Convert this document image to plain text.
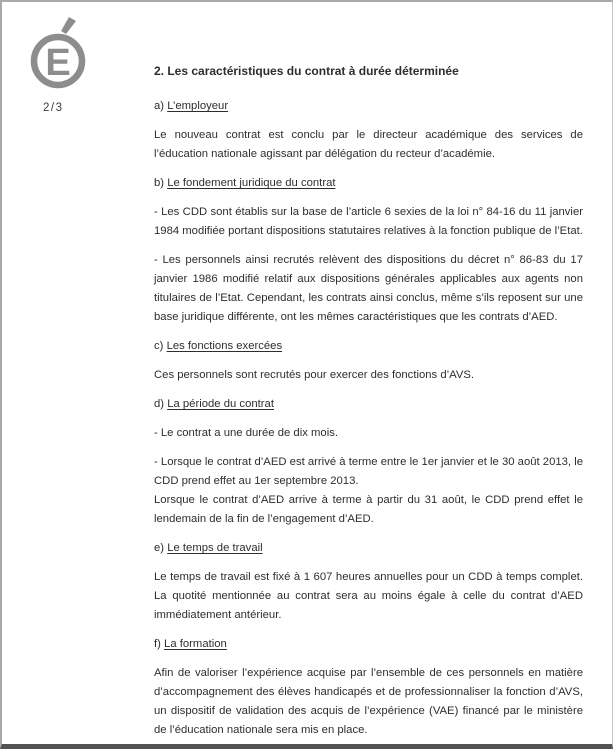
E
2/3
2. Les caractéristiques du contrat à durée déterminée

a) L’employeur

Le nouveau contrat est conclu par le directeur académique des services de l’éducation nationale agissant par délégation du recteur d’académie.

b) Le fondement juridique du contrat

- Les CDD sont établis sur la base de l’article 6 sexies de la loi n° 84-16 du 11 janvier 1984 modifiée portant dispositions statutaires relatives à la fonction publique de l’Etat.

- Les personnels ainsi recrutés relèvent des dispositions du décret n° 86-83 du 17 janvier 1986 modifié relatif aux dispositions générales applicables aux agents non titulaires de l’Etat. Cependant, les contrats ainsi conclus, même s’ils reposent sur une base juridique différente, ont les mêmes caractéristiques que les contrats d’AED.

c) Les fonctions exercées

Ces personnels sont recrutés pour exercer des fonctions d’AVS.

d) La période du contrat

- Le contrat a une durée de dix mois.

- Lorsque le contrat d’AED est arrivé à terme entre le 1er janvier et le 30 août 2013, le CDD prend effet au 1er septembre 2013.

Lorsque le contrat d’AED arrive à terme à partir du 31 août, le CDD prend effet le lendemain de la fin de l’engagement d’AED.

e) Le temps de travail

Le temps de travail est fixé à 1 607 heures annuelles pour un CDD à temps complet. La quotité mentionnée au contrat sera au moins égale à celle du contrat d’AED immédiatement antérieur.

f) La formation

Afin de valoriser l’expérience acquise par l’ensemble de ces personnels en matière d’accompagnement des élèves handicapés et de professionnaliser la fonction d’AVS, un dispositif de validation des acquis de l’expérience (VAE) financé par le ministère de l’éducation nationale sera mis en place.
